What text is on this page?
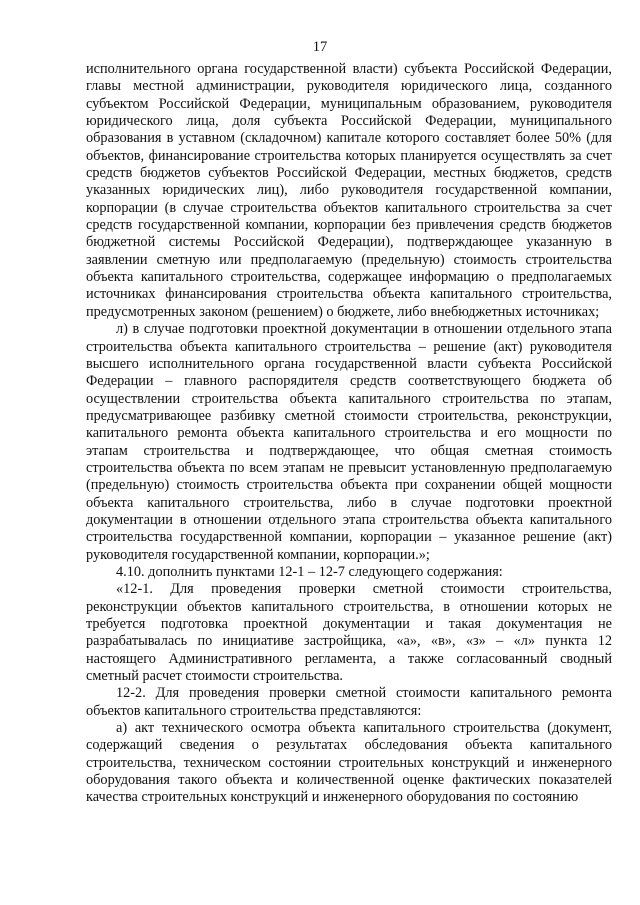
17

исполнительного органа государственной власти) субъекта Российской Федерации, главы местной администрации, руководителя юридического лица, созданного субъектом Российской Федерации, муниципальным образованием, руководителя юридического лица, доля субъекта Российской Федерации, муниципального образования в уставном (складочном) капитале которого составляет более 50% (для объектов, финансирование строительства которых планируется осуществлять за счет средств бюджетов субъектов Российской Федерации, местных бюджетов, средств указанных юридических лиц), либо руководителя государственной компании, корпорации (в случае строительства объектов капитального строительства за счет средств государственной компании, корпорации без привлечения средств бюджетов бюджетной системы Российской Федерации), подтверждающее указанную в заявлении сметную или предполагаемую (предельную) стоимость строительства объекта капитального строительства, содержащее информацию о предполагаемых источниках финансирования строительства объекта капитального строительства, предусмотренных законом (решением) о бюджете, либо внебюджетных источниках;

л) в случае подготовки проектной документации в отношении отдельного этапа строительства объекта капитального строительства – решение (акт) руководителя высшего исполнительного органа государственной власти субъекта Российской Федерации – главного распорядителя средств соответствующего бюджета об осуществлении строительства объекта капитального строительства по этапам, предусматривающее разбивку сметной стоимости строительства, реконструкции, капитального ремонта объекта капитального строительства и его мощности по этапам строительства и подтверждающее, что общая сметная стоимость строительства объекта по всем этапам не превысит установленную предполагаемую (предельную) стоимость строительства объекта при сохранении общей мощности объекта капитального строительства, либо в случае подготовки проектной документации в отношении отдельного этапа строительства объекта капитального строительства государственной компании, корпорации – указанное решение (акт) руководителя государственной компании, корпорации.»;

4.10. дополнить пунктами 12-1 – 12-7 следующего содержания:

«12-1. Для проведения проверки сметной стоимости строительства, реконструкции объектов капитального строительства, в отношении которых не требуется подготовка проектной документации и такая документация не разрабатывалась по инициативе застройщика, «а», «в», «з» – «л» пункта 12 настоящего Административного регламента, а также согласованный сводный сметный расчет стоимости строительства.

12-2. Для проведения проверки сметной стоимости капитального ремонта объектов капитального строительства представляются:

а) акт технического осмотра объекта капитального строительства (документ, содержащий сведения о результатах обследования объекта капитального строительства, техническом состоянии строительных конструкций и инженерного оборудования такого объекта и количественной оценке фактических показателей качества строительных конструкций и инженерного оборудования по состоянию
